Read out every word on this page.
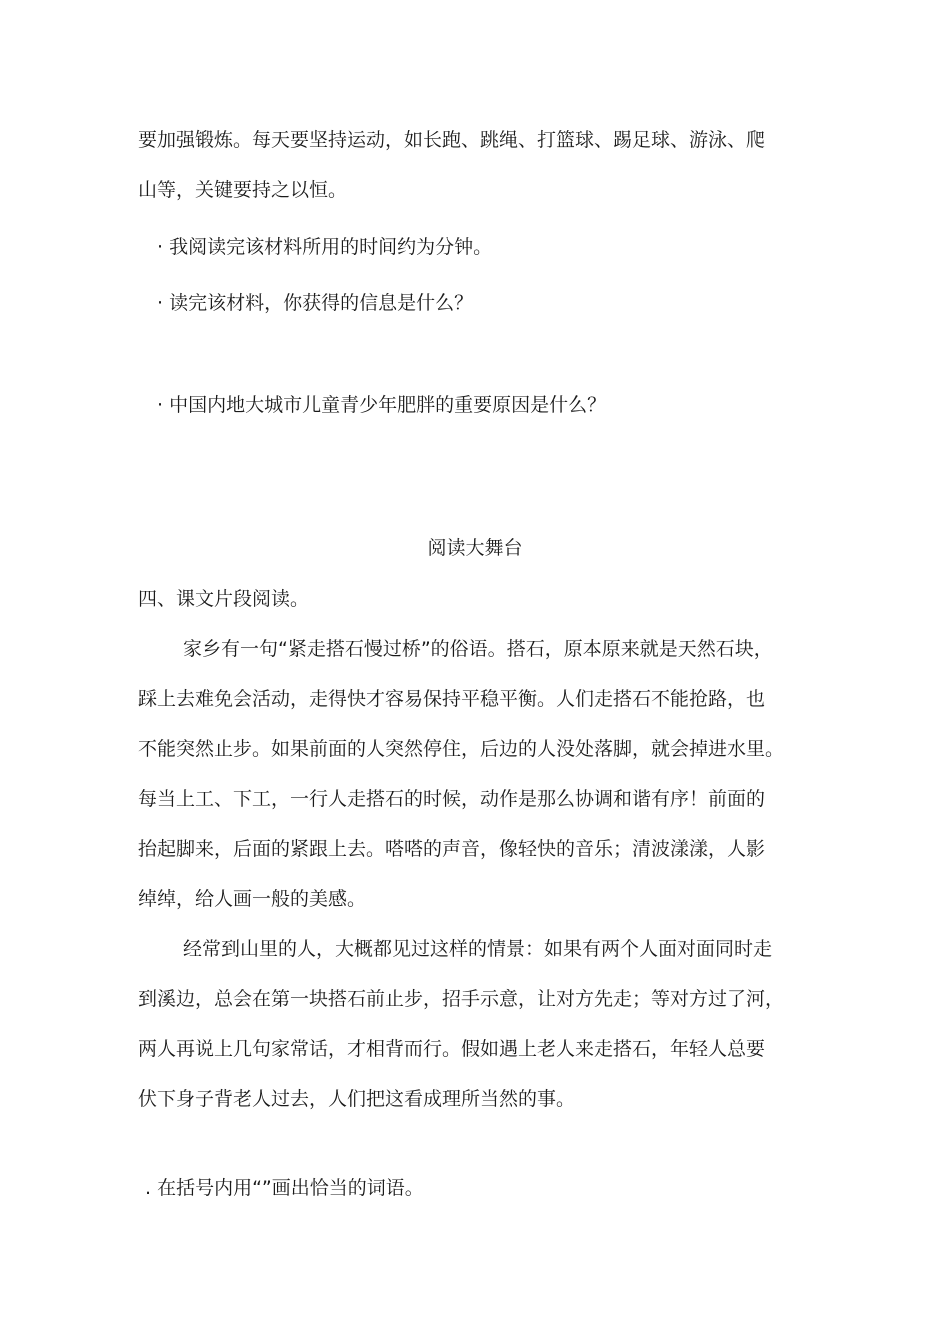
要加强锻炼。每天要坚持运动，如长跑、跳绳、打篮球、踢足球、游泳、爬
山等，关键要持之以恒。
· 我阅读完该材料所用的时间约为分钟。
· 读完该材料，你获得的信息是什么？
· 中国内地大城市儿童青少年肥胖的重要原因是什么？
阅读大舞台
四、课文片段阅读。
家乡有一句“紧走搭石慢过桥”的俗语。搭石，原本原来就是天然石块，
踩上去难免会活动，走得快才容易保持平稳平衡。人们走搭石不能抢路，也
不能突然止步。如果前面的人突然停住，后边的人没处落脚，就会掉进水里。
每当上工、下工，一行人走搭石的时候，动作是那么协调和谐有序！前面的
抬起脚来，后面的紧跟上去。嗒嗒的声音，像轻快的音乐；清波漾漾，人影
绰绰，给人画一般的美感。
经常到山里的人，大概都见过这样的情景：如果有两个人面对面同时走
到溪边，总会在第一块搭石前止步，招手示意，让对方先走；等对方过了河，
两人再说上几句家常话，才相背而行。假如遇上老人来走搭石，年轻人总要
伏下身子背老人过去，人们把这看成理所当然的事。
. 在括号内用“”画出恰当的词语。
